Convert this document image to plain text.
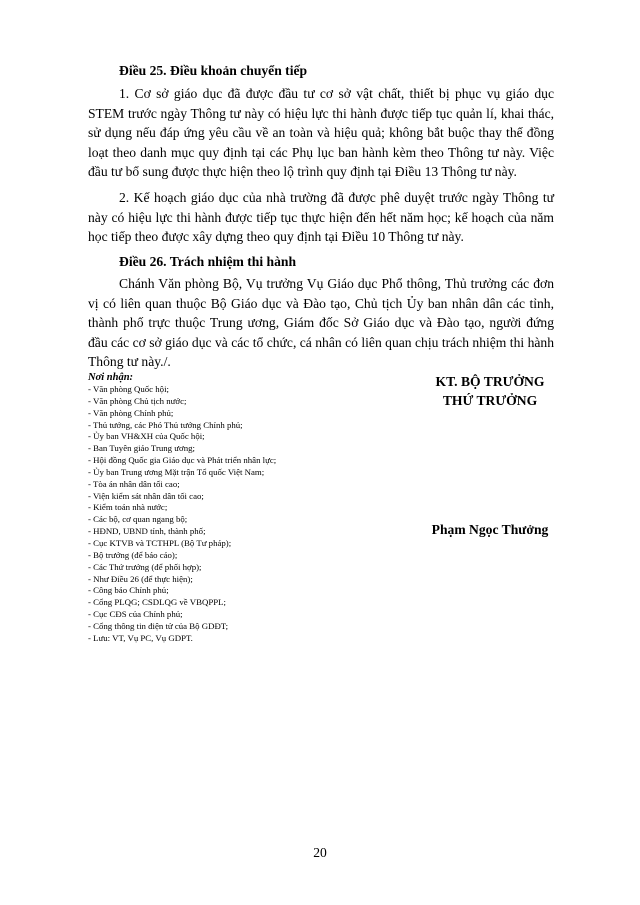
Điều 25. Điều khoản chuyển tiếp

1. Cơ sở giáo dục đã được đầu tư cơ sở vật chất, thiết bị phục vụ giáo dục STEM trước ngày Thông tư này có hiệu lực thi hành được tiếp tục quản lí, khai thác, sử dụng nếu đáp ứng yêu cầu về an toàn và hiệu quả; không bắt buộc thay thế đồng loạt theo danh mục quy định tại các Phụ lục ban hành kèm theo Thông tư này. Việc đầu tư bổ sung được thực hiện theo lộ trình quy định tại Điều 13 Thông tư này.

2. Kế hoạch giáo dục của nhà trường đã được phê duyệt trước ngày Thông tư này có hiệu lực thi hành được tiếp tục thực hiện đến hết năm học; kế hoạch của năm học tiếp theo được xây dựng theo quy định tại Điều 10 Thông tư này.

Điều 26. Trách nhiệm thi hành

Chánh Văn phòng Bộ, Vụ trưởng Vụ Giáo dục Phổ thông, Thủ trưởng các đơn vị có liên quan thuộc Bộ Giáo dục và Đào tạo, Chủ tịch Ủy ban nhân dân các tỉnh, thành phố trực thuộc Trung ương, Giám đốc Sở Giáo dục và Đào tạo, người đứng đầu các cơ sở giáo dục và các tổ chức, cá nhân có liên quan chịu trách nhiệm thi hành Thông tư này./.

Nơi nhận:
- Văn phòng Quốc hội;
- Văn phòng Chủ tịch nước;
- Văn phòng Chính phủ;
- Thủ tướng, các Phó Thủ tướng Chính phủ;
- Ủy ban VH&XH của Quốc hội;
- Ban Tuyên giáo Trung ương;
- Hội đồng Quốc gia Giáo dục và Phát triển nhân lực;
- Ủy ban Trung ương Mặt trận Tổ quốc Việt Nam;
- Tòa án nhân dân tối cao;
- Viện kiểm sát nhân dân tối cao;
- Kiểm toán nhà nước;
- Các bộ, cơ quan ngang bộ;
- HĐND, UBND tỉnh, thành phố;
- Cục KTVB và TCTHPL (Bộ Tư pháp);
- Bộ trưởng (để báo cáo);
- Các Thứ trưởng (để phối hợp);
- Như Điều 26 (để thực hiện);
- Công báo Chính phủ;
- Cổng PLQG; CSDLQG về VBQPPL;
- Cục CĐS của Chính phủ;
- Cổng thông tin điện tử của Bộ GDĐT;
- Lưu: VT, Vụ PC, Vụ GDPT.
KT. BỘ TRƯỞNG
THỨ TRƯỞNG
Phạm Ngọc Thưởng
20
